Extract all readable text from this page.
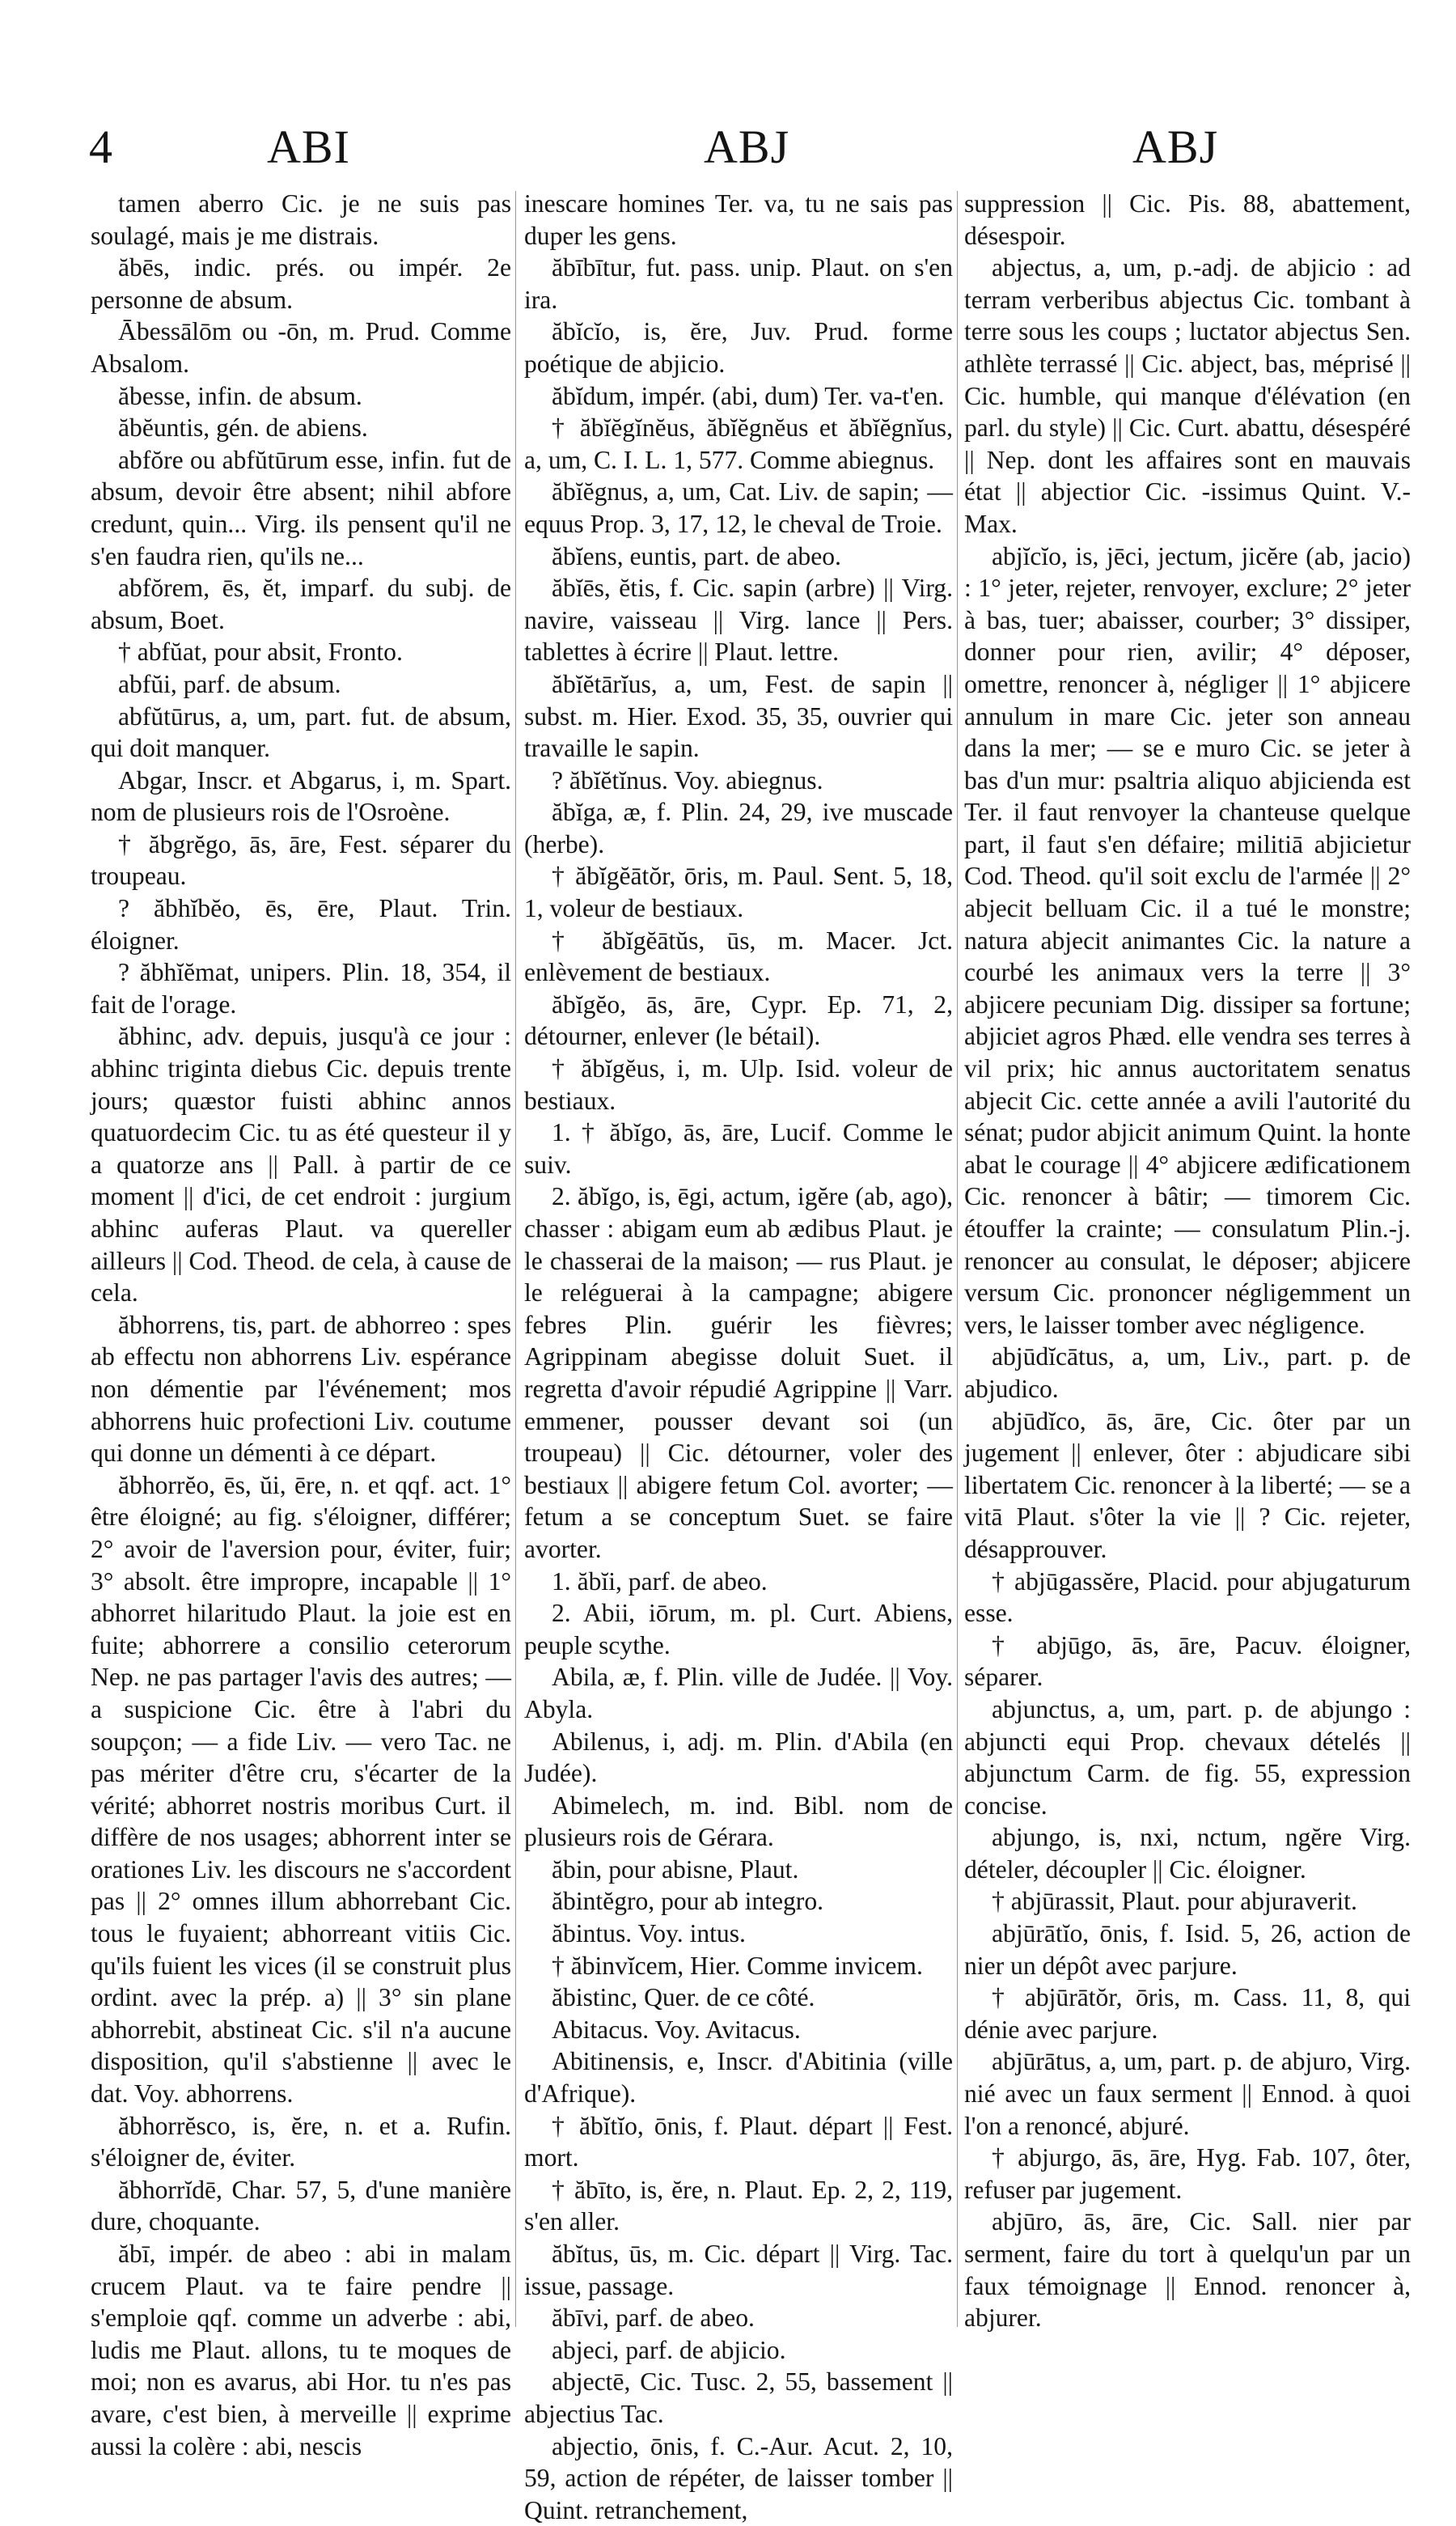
4	ABI	ABJ	ABJ

tamen aberro Cic. je ne suis pas soulagé, mais je me distrais.

ăbēs, indic. prés. ou impér. 2e personne de absum.

Ābessālōm ou -ōn, m. Prud. Comme Absalom.

ăbesse, infin. de absum.

ăbĕuntis, gén. de abiens.

abfŏre ou abfŭtūrum esse, infin. fut de absum, devoir être absent; nihil abfore credunt, quin... Virg. ils pensent qu'il ne s'en faudra rien, qu'ils ne...

abfŏrem, ēs, ĕt, imparf. du subj. de absum, Boet.

† abfŭat, pour absit, Fronto.

abfŭi, parf. de absum.

abfŭtūrus, a, um, part. fut. de absum, qui doit manquer.

Abgar, Inscr. et Abgarus, i, m. Spart. nom de plusieurs rois de l'Osroène.

† ăbgrĕgo, ās, āre, Fest. séparer du troupeau.

? ăbhĭbĕo, ēs, ēre, Plaut. Trin. éloigner.

? ăbhĭĕmat, unipers. Plin. 18, 354, il fait de l'orage.

ăbhinc, adv. depuis, jusqu'à ce jour : abhinc triginta diebus Cic. depuis trente jours; quæstor fuisti abhinc annos quatuordecim Cic. tu as été questeur il y a quatorze ans || Pall. à partir de ce moment || d'ici, de cet endroit : jurgium abhinc auferas Plaut. va quereller ailleurs || Cod. Theod. de cela, à cause de cela.

ăbhorrens, tis, part. de abhorreo : spes ab effectu non abhorrens Liv. espérance non démentie par l'événement; mos abhorrens huic profectioni Liv. coutume qui donne un démenti à ce départ.

ăbhorrĕo, ēs, ŭi, ēre, n. et qqf. act. 1° être éloigné; au fig. s'éloigner, différer; 2° avoir de l'aversion pour, éviter, fuir; 3° absolt. être impropre, incapable || 1° abhorret hilaritudo Plaut. la joie est en fuite; abhorrere a consilio ceterorum Nep. ne pas partager l'avis des autres; — a suspicione Cic. être à l'abri du soupçon; — a fide Liv. — vero Tac. ne pas mériter d'être cru, s'écarter de la vérité; abhorret nostris moribus Curt. il diffère de nos usages; abhorrent inter se orationes Liv. les discours ne s'accordent pas || 2° omnes illum abhorrebant Cic. tous le fuyaient; abhorreant vitiis Cic. qu'ils fuient les vices (il se construit plus ordint. avec la prép. a) || 3° sin plane abhorrebit, abstineat Cic. s'il n'a aucune disposition, qu'il s'abstienne || avec le dat. Voy. abhorrens.

ăbhorrĕsco, is, ĕre, n. et a. Rufin. s'éloigner de, éviter.

ăbhorrĭdē, Char. 57, 5, d'une manière dure, choquante.

ăbī, impér. de abeo : abi in malam crucem Plaut. va te faire pendre || s'emploie qqf. comme un adverbe : abi, ludis me Plaut. allons, tu te moques de moi; non es avarus, abi Hor. tu n'es pas avare, c'est bien, à merveille || exprime aussi la colère : abi, nescis

inescare homines Ter. va, tu ne sais pas duper les gens.

ăbībītur, fut. pass. unip. Plaut. on s'en ira.

ăbĭcĭo, is, ĕre, Juv. Prud. forme poétique de abjicio.

ăbĭdum, impér. (abi, dum) Ter. va-t'en.

† ăbĭĕgĭnĕus, ăbĭĕgnĕus et ăbĭĕgnĭus, a, um, C. I. L. 1, 577. Comme abiegnus.

ăbĭĕgnus, a, um, Cat. Liv. de sapin; — equus Prop. 3, 17, 12, le cheval de Troie.

ăbĭens, euntis, part. de abeo.

ăbĭēs, ĕtis, f. Cic. sapin (arbre) || Virg. navire, vaisseau || Virg. lance || Pers. tablettes à écrire || Plaut. lettre.

ăbĭĕtārĭus, a, um, Fest. de sapin || subst. m. Hier. Exod. 35, 35, ouvrier qui travaille le sapin.

? ăbĭĕtĭnus. Voy. abiegnus.

ăbĭga, æ, f. Plin. 24, 29, ive muscade (herbe).

† ăbĭgĕātŏr, ōris, m. Paul. Sent. 5, 18, 1, voleur de bestiaux.

† ăbĭgĕātŭs, ūs, m. Macer. Jct. enlèvement de bestiaux.

ăbĭgĕo, ās, āre, Cypr. Ep. 71, 2, détourner, enlever (le bétail).

† ăbĭgĕus, i, m. Ulp. Isid. voleur de bestiaux.

1. † ăbĭgo, ās, āre, Lucif. Comme le suiv.

2. ăbĭgo, is, ēgi, actum, igĕre (ab, ago), chasser : abigam eum ab ædibus Plaut. je le chasserai de la maison; — rus Plaut. je le reléguerai à la campagne; abigere febres Plin. guérir les fièvres; Agrippinam abegisse doluit Suet. il regretta d'avoir répudié Agrippine || Varr. emmener, pousser devant soi (un troupeau) || Cic. détourner, voler des bestiaux || abigere fetum Col. avorter; — fetum a se conceptum Suet. se faire avorter.

1. ăbĭi, parf. de abeo.

2. Abii, iōrum, m. pl. Curt. Abiens, peuple scythe.

Abila, æ, f. Plin. ville de Judée. || Voy. Abyla.

Abilenus, i, adj. m. Plin. d'Abila (en Judée).

Abimelech, m. ind. Bibl. nom de plusieurs rois de Gérara.

ăbin, pour abisne, Plaut.

ăbintĕgro, pour ab integro.

ăbintus. Voy. intus.

† ăbinvĭcem, Hier. Comme invicem.

ăbistinc, Quer. de ce côté.

Abitacus. Voy. Avitacus.

Abitinensis, e, Inscr. d'Abitinia (ville d'Afrique).

† ăbĭtĭo, ōnis, f. Plaut. départ || Fest. mort.

† ăbīto, is, ĕre, n. Plaut. Ep. 2, 2, 119, s'en aller.

ăbĭtus, ūs, m. Cic. départ || Virg. Tac. issue, passage.

ăbīvi, parf. de abeo.

abjeci, parf. de abjicio.

abjectē, Cic. Tusc. 2, 55, bassement || abjectius Tac.

abjectio, ōnis, f. C.-Aur. Acut. 2, 10, 59, action de répéter, de laisser tomber || Quint. retranchement,

suppression || Cic. Pis. 88, abattement, désespoir.

abjectus, a, um, p.-adj. de abjicio : ad terram verberibus abjectus Cic. tombant à terre sous les coups ; luctator abjectus Sen. athlète terrassé || Cic. abject, bas, méprisé || Cic. humble, qui manque d'élévation (en parl. du style) || Cic. Curt. abattu, désespéré || Nep. dont les affaires sont en mauvais état || abjectior Cic. -issimus Quint. V.-Max.

abjĭcĭo, is, jēci, jectum, jicĕre (ab, jacio) : 1° jeter, rejeter, renvoyer, exclure; 2° jeter à bas, tuer; abaisser, courber; 3° dissiper, donner pour rien, avilir; 4° déposer, omettre, renoncer à, négliger || 1° abjicere annulum in mare Cic. jeter son anneau dans la mer; — se e muro Cic. se jeter à bas d'un mur: psaltria aliquo abjicienda est Ter. il faut renvoyer la chanteuse quelque part, il faut s'en défaire; militiā abjicietur Cod. Theod. qu'il soit exclu de l'armée || 2° abjecit belluam Cic. il a tué le monstre; natura abjecit animantes Cic. la nature a courbé les animaux vers la terre || 3° abjicere pecuniam Dig. dissiper sa fortune; abjiciet agros Phæd. elle vendra ses terres à vil prix; hic annus auctoritatem senatus abjecit Cic. cette année a avili l'autorité du sénat; pudor abjicit animum Quint. la honte abat le courage || 4° abjicere ædificationem Cic. renoncer à bâtir; — timorem Cic. étouffer la crainte; — consulatum Plin.-j. renoncer au consulat, le déposer; abjicere versum Cic. prononcer négligemment un vers, le laisser tomber avec négligence.

abjūdĭcātus, a, um, Liv., part. p. de abjudico.

abjūdĭco, ās, āre, Cic. ôter par un jugement || enlever, ôter : abjudicare sibi libertatem Cic. renoncer à la liberté; — se a vitā Plaut. s'ôter la vie || ? Cic. rejeter, désapprouver.

† abjūgassĕre, Placid. pour abjugaturum esse.

† abjūgo, ās, āre, Pacuv. éloigner, séparer.

abjunctus, a, um, part. p. de abjungo : abjuncti equi Prop. chevaux dételés || abjunctum Carm. de fig. 55, expression concise.

abjungo, is, nxi, nctum, ngĕre Virg. dételer, découpler || Cic. éloigner.

† abjūrassit, Plaut. pour abjuraverit.

abjūrātĭo, ōnis, f. Isid. 5, 26, action de nier un dépôt avec parjure.

† abjūrātŏr, ōris, m. Cass. 11, 8, qui dénie avec parjure.

abjūrātus, a, um, part. p. de abjuro, Virg. nié avec un faux serment || Ennod. à quoi l'on a renoncé, abjuré.

† abjurgo, ās, āre, Hyg. Fab. 107, ôter, refuser par jugement.

abjūro, ās, āre, Cic. Sall. nier par serment, faire du tort à quelqu'un par un faux témoignage || Ennod. renoncer à, abjurer.
